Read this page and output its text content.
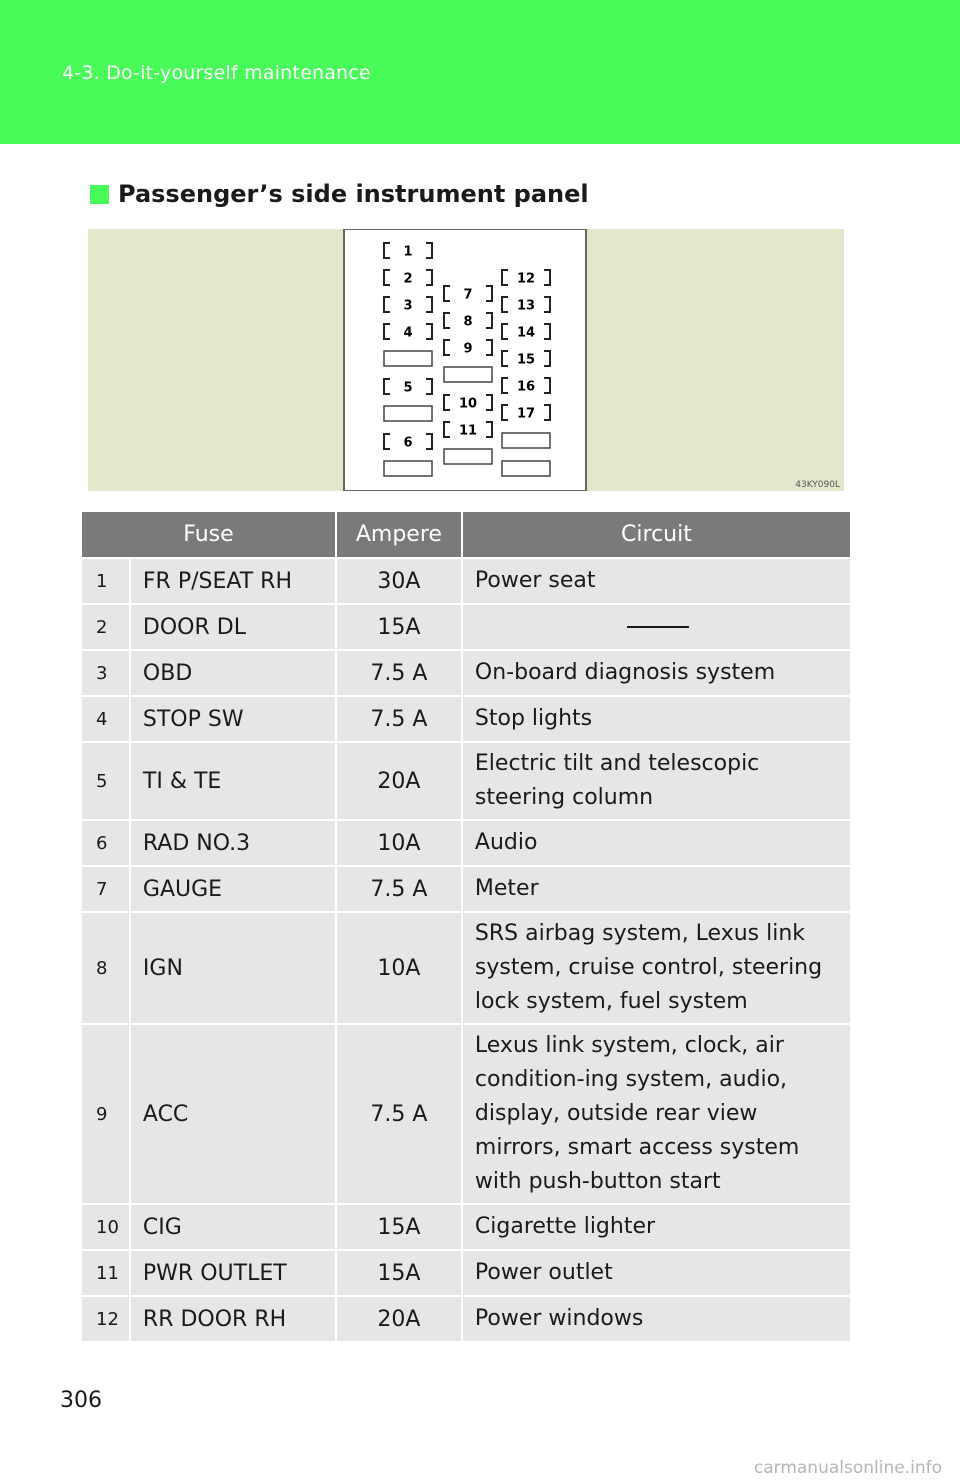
4-3. Do-it-yourself maintenance
Passenger’s side instrument panel
1
2
3
4
5
6
7
8
9
10
11
12
13
14
15
16
17
43KY090L
Fuse		Ampere	Circuit
1	FR P/SEAT RH	30A	Power seat
2	DOOR DL	15A	

3	OBD	7.5 A	On-board diagnosis system
4	STOP SW	7.5 A	Stop lights
5	TI & TE	20A	Electric tilt and telescopic steering column
6	RAD NO.3	10A	Audio
7	GAUGE	7.5 A	Meter
8	IGN	10A	SRS airbag system, Lexus link system, cruise control, steering lock system, fuel system
9	ACC	7.5 A	Lexus link system, clock, air condition-ing system, audio, display, outside rear view mirrors, smart access system with push-button start
10	CIG	15A	Cigarette lighter
11	PWR OUTLET	15A	Power outlet
12	RR DOOR RH	20A	Power windows
306
carmanualsonline.info
